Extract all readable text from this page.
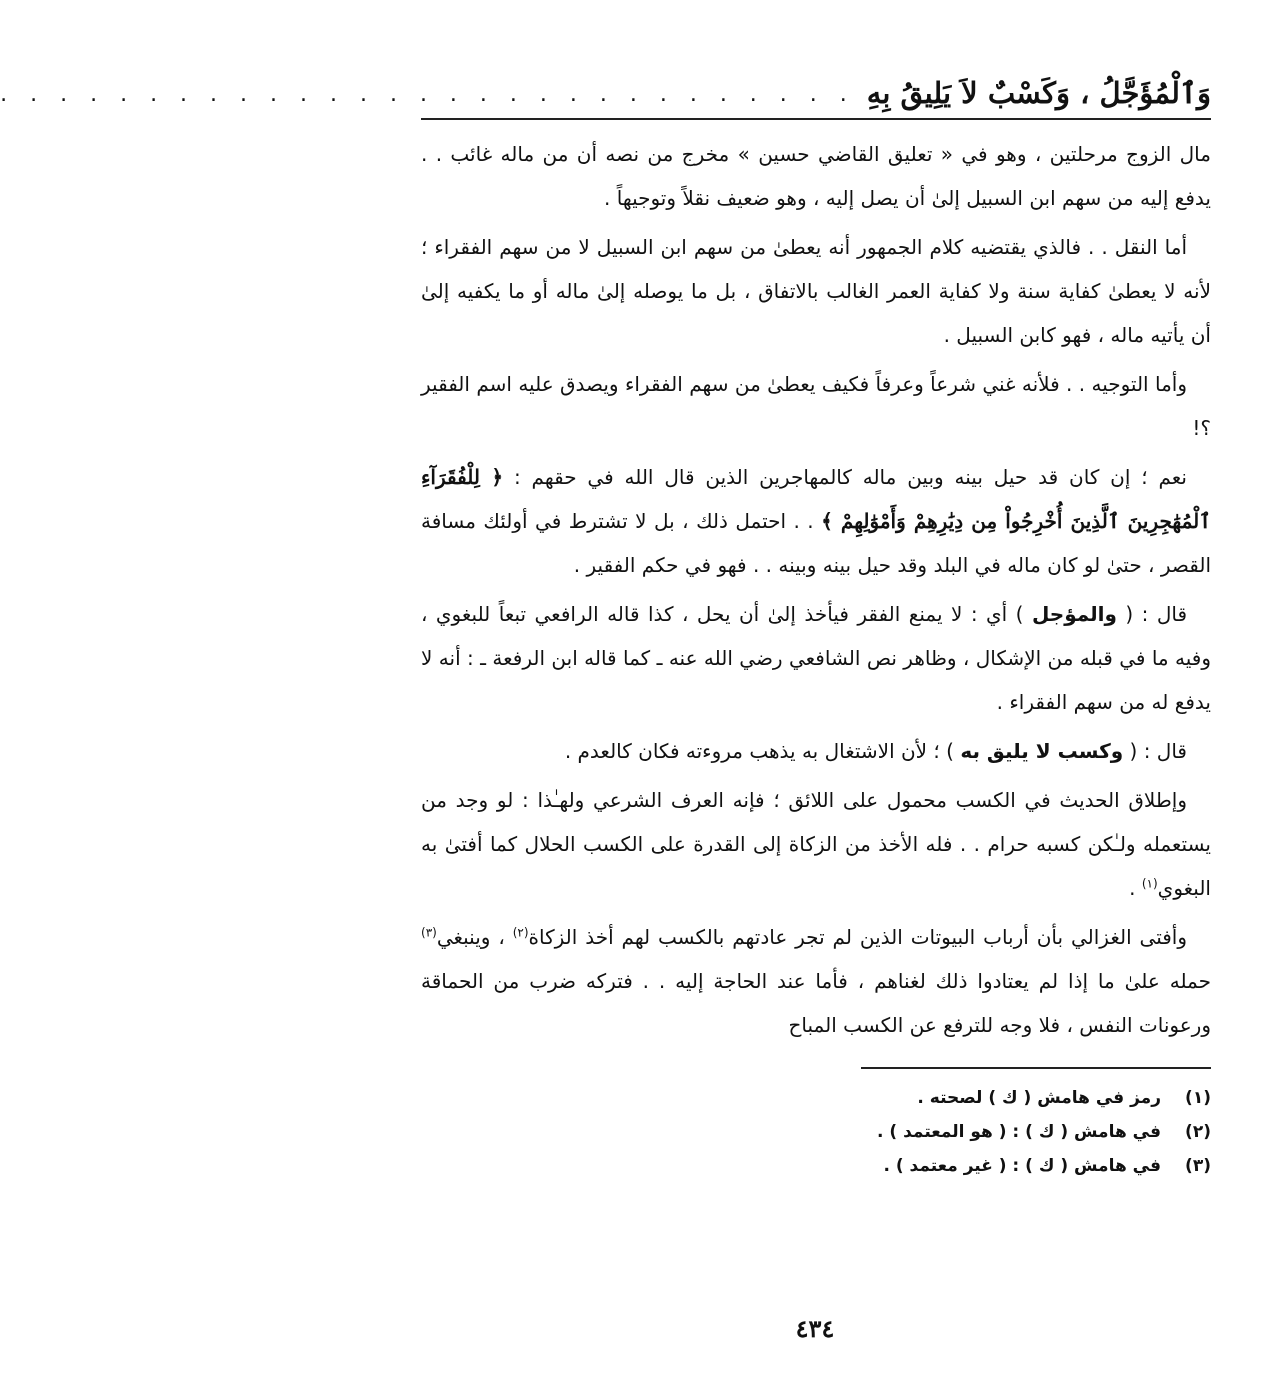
وَٱلْمُؤَجَّلُ ، وَكَسْبٌ لاَ يَلِيقُ بِهِ
. . . . . . . . . . . . . . . . . . . . . . . . . . . . .

مال الزوج مرحلتين ، وهو في « تعليق القاضي حسين » مخرج من نصه أن من ماله غائب . . يدفع إليه من سهم ابن السبيل إلىٰ أن يصل إليه ، وهو ضعيف نقلاً وتوجيهاً .

أما النقل . . فالذي يقتضيه كلام الجمهور أنه يعطىٰ من سهم ابن السبيل لا من سهم الفقراء ؛ لأنه لا يعطىٰ كفاية سنة ولا كفاية العمر الغالب بالاتفاق ، بل ما يوصله إلىٰ ماله أو ما يكفيه إلىٰ أن يأتيه ماله ، فهو كابن السبيل .

وأما التوجيه . . فلأنه غني شرعاً وعرفاً فكيف يعطىٰ من سهم الفقراء ويصدق عليه اسم الفقير ؟!

نعم ؛ إن كان قد حيل بينه وبين ماله كالمهاجرين الذين قال الله في حقهم : ﴿ لِلْفُقَرَآءِ ٱلْمُهَٰجِرِينَ ٱلَّذِينَ أُخْرِجُواْ مِن دِيَٰرِهِمْ وَأَمْوَٰلِهِمْ ﴾ . . احتمل ذلك ، بل لا تشترط في أولئك مسافة القصر ، حتىٰ لو كان ماله في البلد وقد حيل بينه وبينه . . فهو في حكم الفقير .

قال : ( والمؤجل ) أي : لا يمنع الفقر فيأخذ إلىٰ أن يحل ، كذا قاله الرافعي تبعاً للبغوي ، وفيه ما في قبله من الإشكال ، وظاهر نص الشافعي رضي الله عنه ـ كما قاله ابن الرفعة ـ : أنه لا يدفع له من سهم الفقراء .

قال : ( وكسب لا يليق به ) ؛ لأن الاشتغال به يذهب مروءته فكان كالعدم .

وإطلاق الحديث في الكسب محمول على اللائق ؛ فإنه العرف الشرعي ولهـٰذا : لو وجد من يستعمله ولـٰكن كسبه حرام . . فله الأخذ من الزكاة إلى القدرة على الكسب الحلال كما أفتىٰ به البغوي$^{(١)}$ .

وأفتى الغزالي بأن أرباب البيوتات الذين لم تجر عادتهم بالكسب لهم أخذ الزكاة$^{(٢)}$ ، وينبغي$^{(٣)}$ حمله علىٰ ما إذا لم يعتادوا ذلك لغناهم ، فأما عند الحاجة إليه . . فتركه ضرب من الحماقة ورعونات النفس ، فلا وجه للترفع عن الكسب المباح

(١)
رمز في هامش ( ك ) لصحته .
(٢)
في هامش ( ك ) : ( هو المعتمد ) .
(٣)
في هامش ( ك ) : ( غير معتمد ) .
٤٣٤
